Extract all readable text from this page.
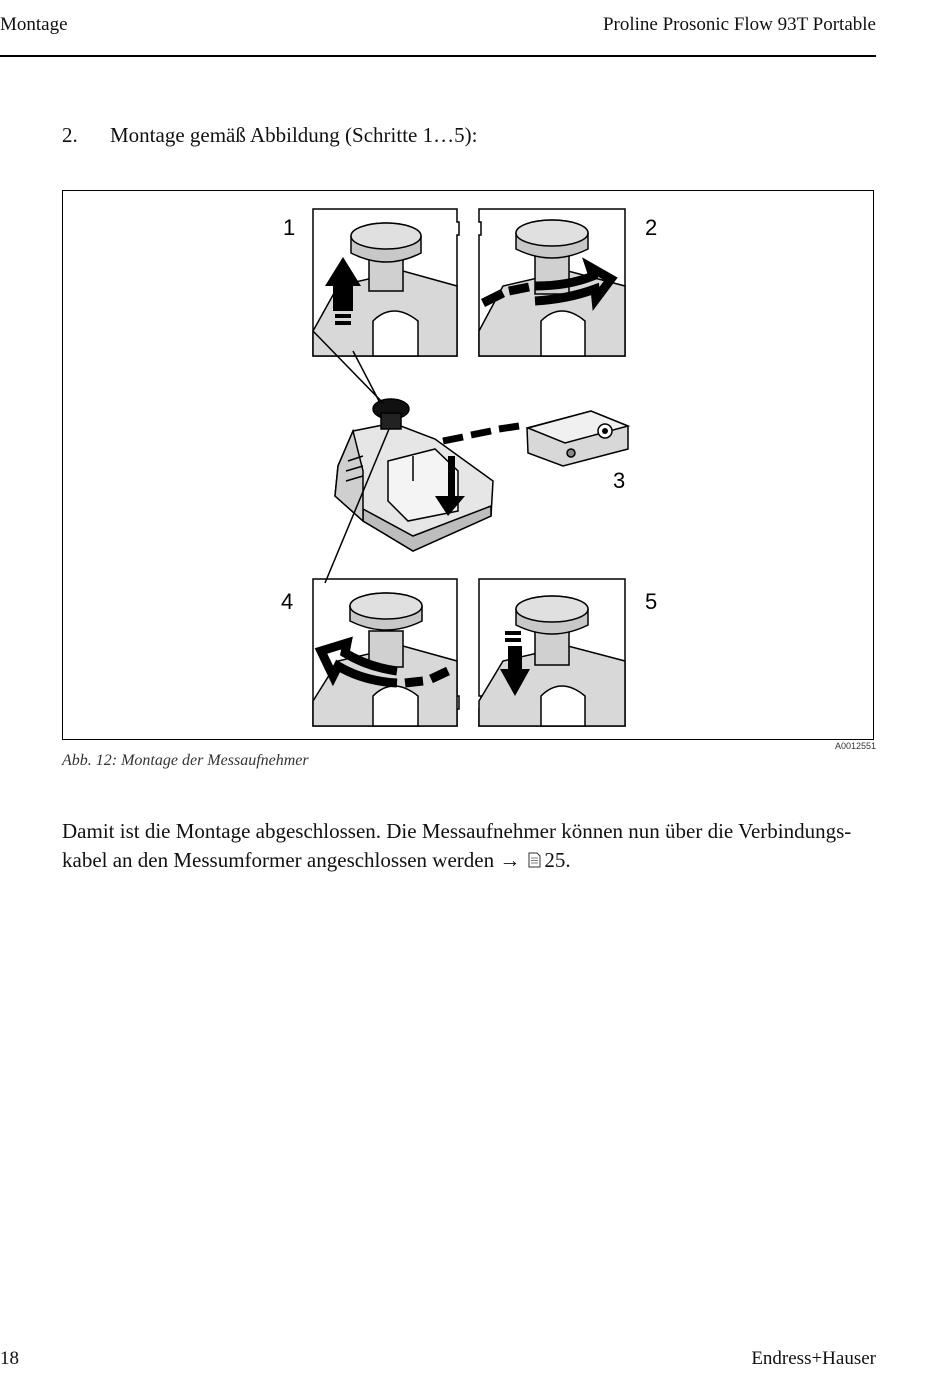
Montage	Proline Prosonic Flow 93T Portable
2. Montage gemäß Abbildung (Schritte 1…5):
1	2
3
4	5
A0012551
Abb. 12: Montage der Messaufnehmer
Damit ist die Montage abgeschlossen. Die Messaufnehmer können nun über die Verbindungs-
kabel an den Messumformer angeschlossen werden → 25.
18	Endress+Hauser
